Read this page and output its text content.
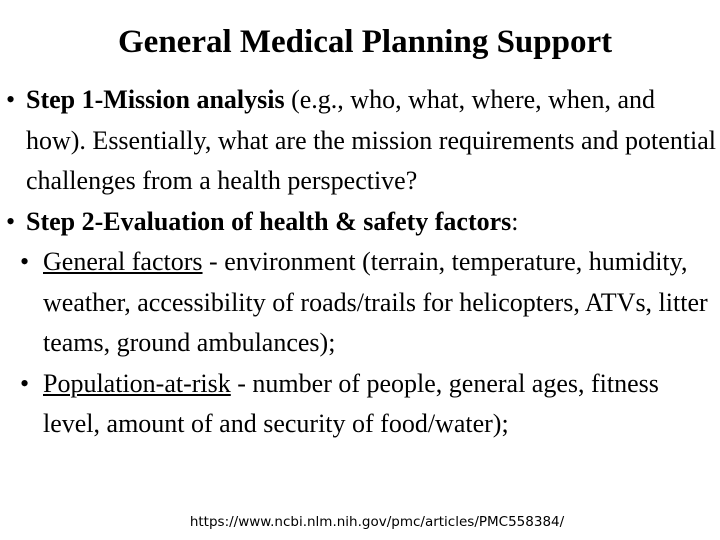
General Medical Planning Support

• Step 1-Mission analysis (e.g., who, what, where, when, and how). Essentially, what are the mission requirements and potential challenges from a health perspective?

• Step 2-Evaluation of health & safety factors:

• General factors - environment (terrain, temperature, humidity, weather, accessibility of roads/trails for helicopters, ATVs, litter teams, ground ambulances);

• Population-at-risk - number of people, general ages, fitness level, amount of and security of food/water);

https://www.ncbi.nlm.nih.gov/pmc/articles/PMC558384/
